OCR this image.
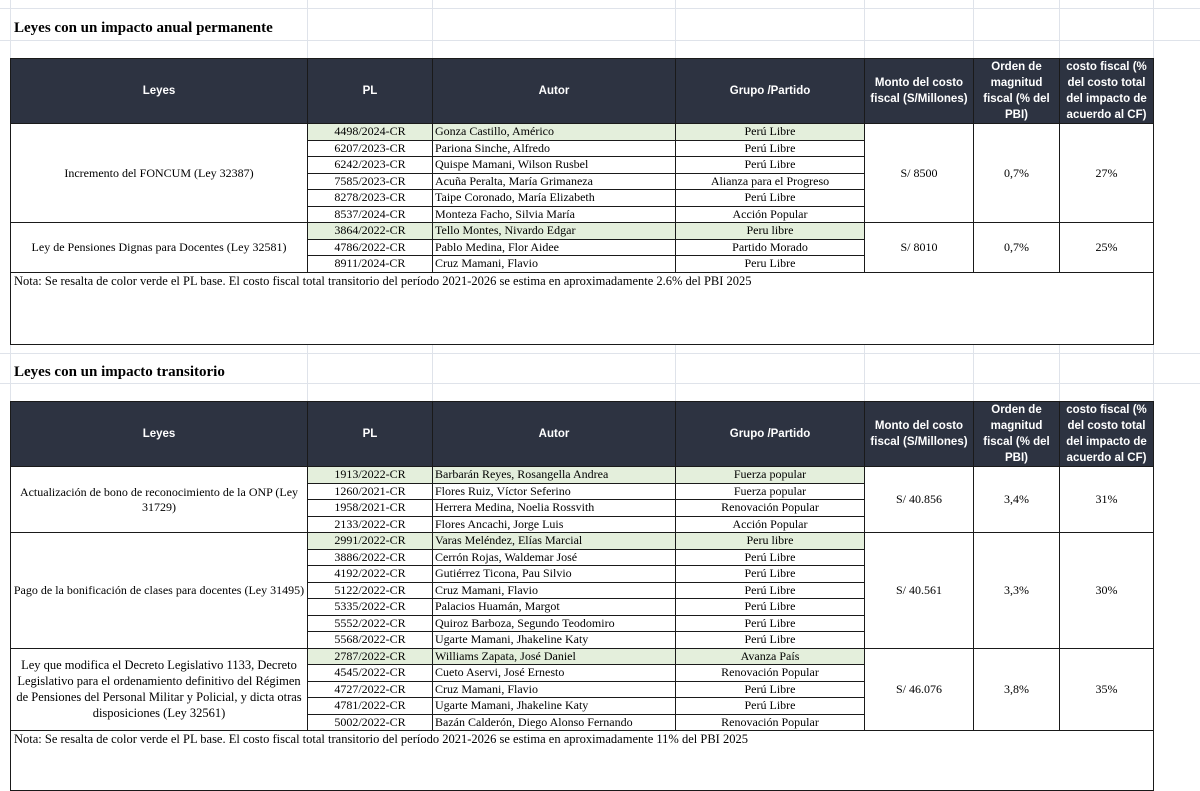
Leyes con un impacto anual permanente
Leyes	PL	Autor	Grupo /Partido	Monto del costo fiscal (S/Millones)	Orden de magnitud fiscal (% del PBI)	costo fiscal (% del costo total del impacto de acuerdo al CF)
Incremento del FONCUM (Ley 32387)	4498/2024-CR	Gonza Castillo, Américo	Perú Libre	S/ 8500	0,7%	27%
	6207/2023-CR	Pariona Sinche, Alfredo	Perú Libre			
	6242/2023-CR	Quispe Mamani, Wilson Rusbel	Perú Libre			
	7585/2023-CR	Acuña Peralta, María Grimaneza	Alianza para el Progreso			
	8278/2023-CR	Taipe Coronado, María Elizabeth	Perú Libre			
	8537/2024-CR	Monteza Facho, Silvia María	Acción Popular			
Ley de Pensiones Dignas para Docentes (Ley 32581)	3864/2022-CR	Tello Montes, Nivardo Edgar	Peru libre	S/ 8010	0,7%	25%
	4786/2022-CR	Pablo Medina, Flor Aidee	Partido Morado			
	8911/2024-CR	Cruz Mamani, Flavio	Peru Libre			
Nota: Se resalta de color verde el PL base. El costo fiscal total transitorio del período 2021-2026 se estima en aproximadamente 2.6% del PBI 2025						
Leyes con un impacto transitorio
Leyes	PL	Autor	Grupo /Partido	Monto del costo fiscal (S/Millones)	Orden de magnitud fiscal (% del PBI)	costo fiscal (% del costo total del impacto de acuerdo al CF)
Actualización de bono de reconocimiento de la ONP (Ley 31729)	1913/2022-CR	Barbarán Reyes, Rosangella Andrea	Fuerza popular	S/ 40.856	3,4%	31%
	1260/2021-CR	Flores Ruiz, Víctor Seferino	Fuerza popular			
	1958/2021-CR	Herrera Medina, Noelia Rossvith	Renovación Popular			
	2133/2022-CR	Flores Ancachi, Jorge Luis	Acción Popular			
Pago de la bonificación de clases para docentes (Ley 31495)	2991/2022-CR	Varas Meléndez, Elías Marcial	Peru libre	S/ 40.561	3,3%	30%
	3886/2022-CR	Cerrón Rojas, Waldemar José	Perú Libre			
	4192/2022-CR	Gutiérrez Ticona, Pau Silvio	Perú Libre			
	5122/2022-CR	Cruz Mamani, Flavio	Perú Libre			
	5335/2022-CR	Palacios Huamán, Margot	Perú Libre			
	5552/2022-CR	Quiroz Barboza, Segundo Teodomiro	Perú Libre			
	5568/2022-CR	Ugarte Mamani, Jhakeline Katy	Perú Libre			
Ley que modifica el Decreto Legislativo 1133, Decreto Legislativo para el ordenamiento definitivo del Régimen de Pensiones del Personal Militar y Policial, y dicta otras disposiciones (Ley 32561)	2787/2022-CR	Williams Zapata, José Daniel	Avanza País	S/ 46.076	3,8%	35%
	4545/2022-CR	Cueto Aservi, José Ernesto	Renovación Popular			
	4727/2022-CR	Cruz Mamani, Flavio	Perú Libre			
	4781/2022-CR	Ugarte Mamani, Jhakeline Katy	Perú Libre			
	5002/2022-CR	Bazán Calderón, Diego Alonso Fernando	Renovación Popular			
Nota: Se resalta de color verde el PL base. El costo fiscal total transitorio del período 2021-2026 se estima en aproximadamente 11% del PBI 2025						
